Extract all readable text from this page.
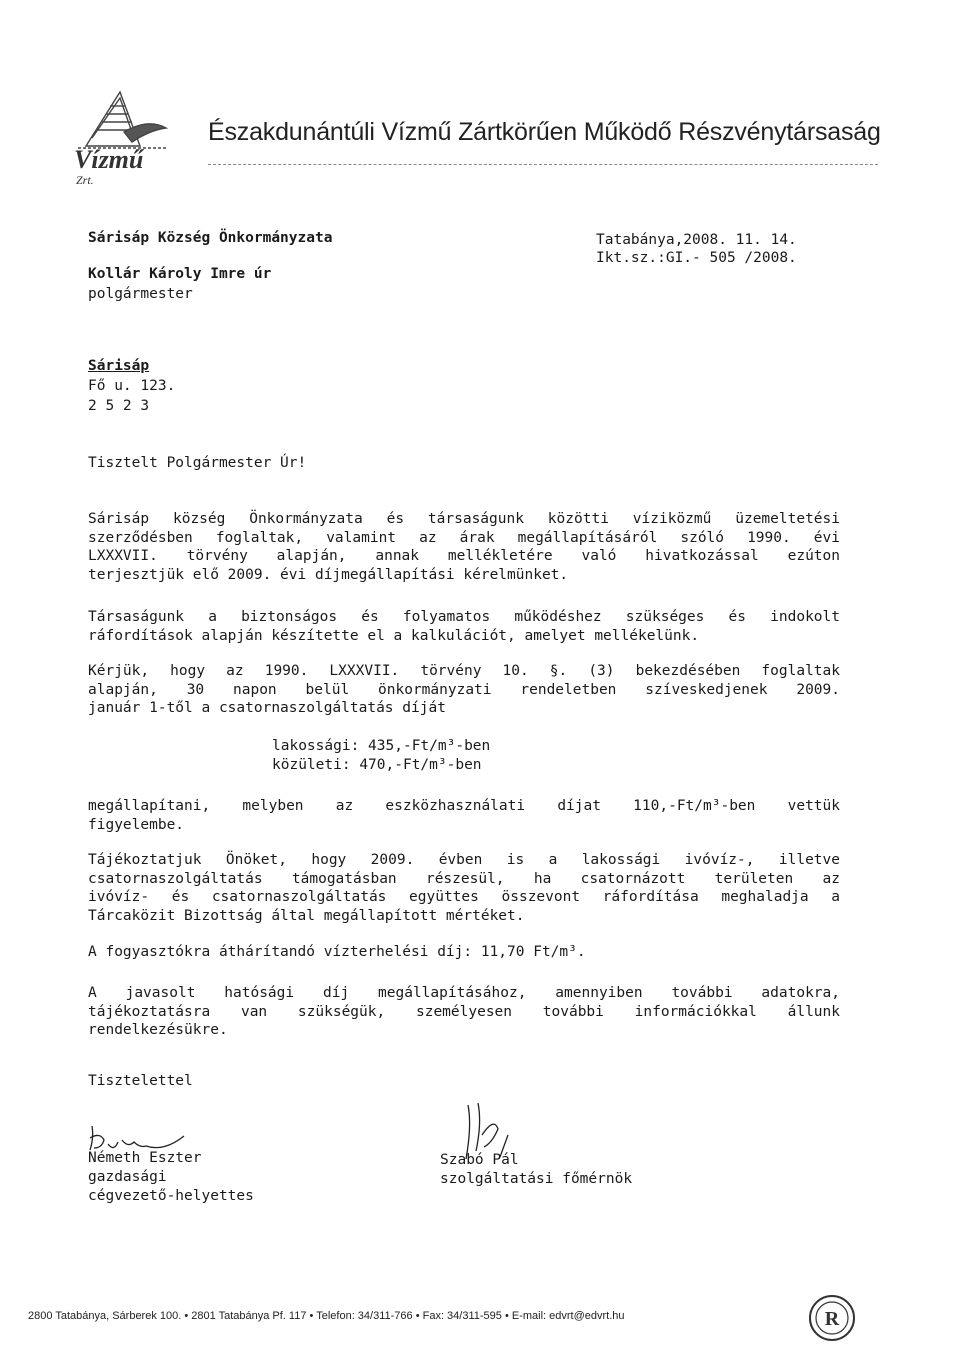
Vízmű
Zrt.
Északdunántúli Vízmű Zártkörűen Működő Részvénytársaság
Sárisáp Község Önkormányzata
Kollár Károly Imre úr
polgármester
Sárisáp
Fő u. 123.
2 5 2 3
Tatabánya,2008. 11. 14.
Ikt.sz.:GI.- 505 /2008.
Tisztelt Polgármester Úr!
Sárisáp község Önkormányzata és társaságunk közötti víziközmű üzemeltetési
szerződésben foglaltak, valamint az árak megállapításáról szóló 1990. évi
LXXXVII. törvény alapján, annak mellékletére való hivatkozással ezúton
terjesztjük elő 2009. évi díjmegállapítási kérelmünket.
Társaságunk a biztonságos és folyamatos működéshez szükséges és indokolt
ráfordítások alapján készítette el a kalkulációt, amelyet mellékelünk.
Kérjük, hogy az 1990. LXXXVII. törvény 10. §. (3) bekezdésében foglaltak
alapján, 30 napon belül önkormányzati rendeletben szíveskedjenek 2009.
január 1-től a csatornaszolgáltatás díját
lakossági: 435,-Ft/m³-ben
közületi: 470,-Ft/m³-ben
megállapítani, melyben az eszközhasználati díjat 110,-Ft/m³-ben vettük
figyelembe.
Tájékoztatjuk Önöket, hogy 2009. évben is a lakossági ivóvíz-, illetve
csatornaszolgáltatás támogatásban részesül, ha csatornázott területen az
ivóvíz- és csatornaszolgáltatás együttes összevont ráfordítása meghaladja a
Tárcaközit Bizottság által megállapított mértéket.
A fogyasztókra áthárítandó vízterhelési díj: 11,70 Ft/m³.
A javasolt hatósági díj megállapításához, amennyiben további adatokra,
tájékoztatásra van szükségük, személyesen további információkkal állunk
rendelkezésükre.
Tisztelettel
Németh Eszter
gazdasági
cégvezető-helyettes
Szabó Pál
szolgáltatási főmérnök
2800 Tatabánya, Sárberek 100. • 2801 Tatabánya Pf. 117 • Telefon: 34/311-766 • Fax: 34/311-595 • E-mail: edvrt@edvrt.hu	R
